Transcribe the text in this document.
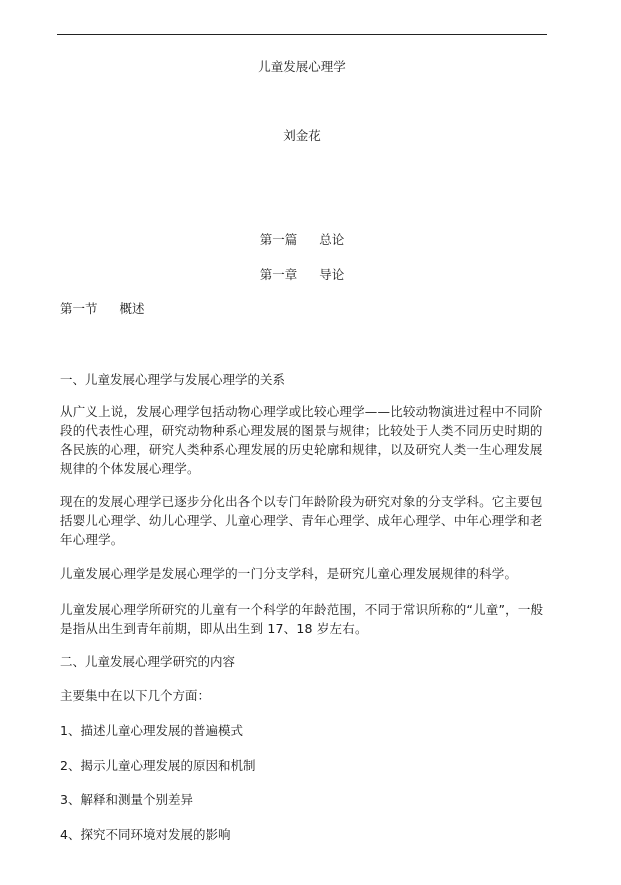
儿童发展心理学
刘金花
第一篇 总论
第一章 导论
第一节 概述
一、儿童发展心理学与发展心理学的关系
从广义上说，发展心理学包括动物心理学或比较心理学——比较动物演进过程中不同阶段的代表性心理，研究动物种系心理发展的图景与规律；比较处于人类不同历史时期的各民族的心理，研究人类种系心理发展的历史轮廓和规律，以及研究人类一生心理发展规律的个体发展心理学。
现在的发展心理学已逐步分化出各个以专门年龄阶段为研究对象的分支学科。它主要包括婴儿心理学、幼儿心理学、儿童心理学、青年心理学、成年心理学、中年心理学和老年心理学。
儿童发展心理学是发展心理学的一门分支学科，是研究儿童心理发展规律的科学。
儿童发展心理学所研究的儿童有一个科学的年龄范围，不同于常识所称的“儿童”，一般是指从出生到青年前期，即从出生到 17、18 岁左右。
二、儿童发展心理学研究的内容
主要集中在以下几个方面：
1、描述儿童心理发展的普遍模式
2、揭示儿童心理发展的原因和机制
3、解释和测量个别差异
4、探究不同环境对发展的影响
